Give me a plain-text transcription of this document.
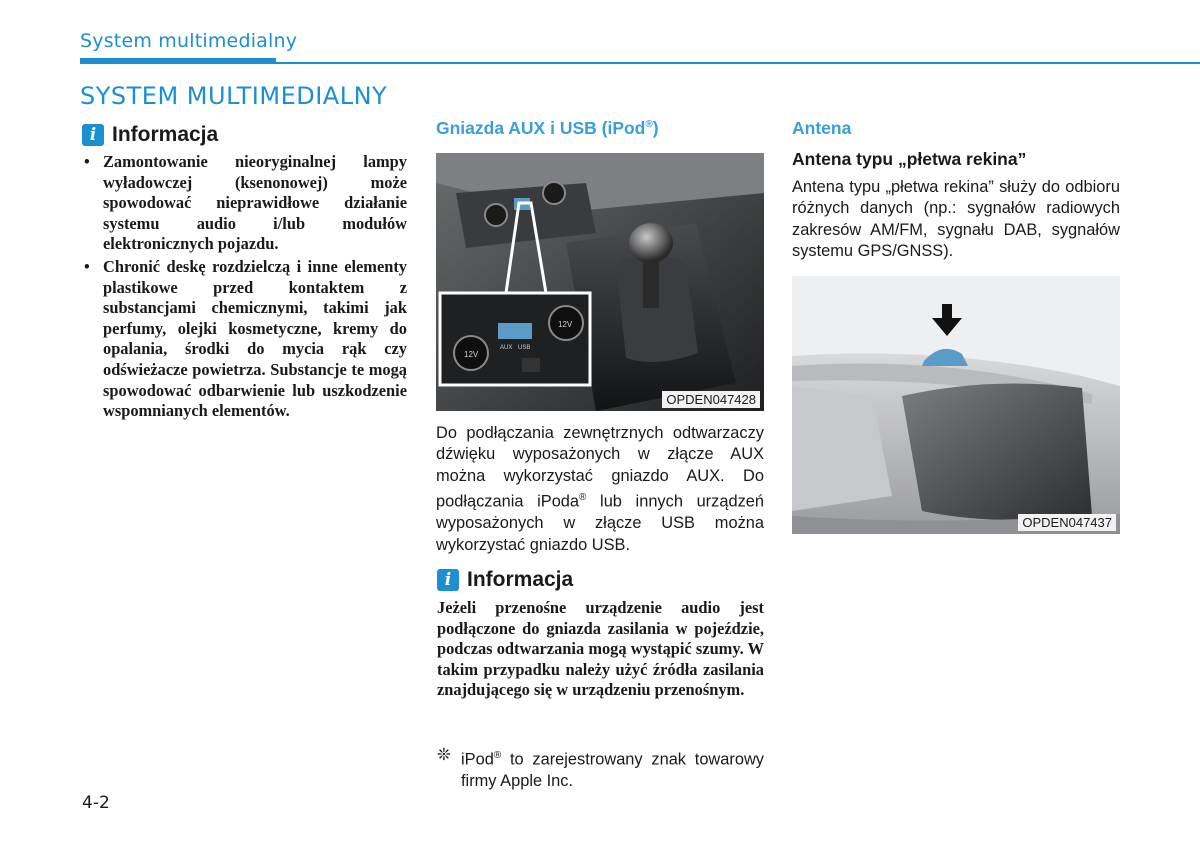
System multimedialny
SYSTEM MULTIMEDIALNY
i Informacja
• Zamontowanie nieoryginalnej lampy wyładowczej (ksenonowej) może spowodować nieprawidłowe działanie systemu audio i/lub modułów elektronicznych pojazdu.
• Chronić deskę rozdzielczą i inne elementy plastikowe przed kontaktem z substancjami chemicznymi, takimi jak perfumy, olejki kosmetyczne, kremy do opalania, środki do mycia rąk czy odświeżacze powietrza. Substancje te mogą spowodować odbarwienie lub uszkodzenie wspomnianych elementów.
Gniazda AUX i USB (iPod®)
12V
12V
AUX USB
OPDEN047428
Do podłączania zewnętrznych odtwarzaczy dźwięku wyposażonych w złącze AUX można wykorzystać gniazdo AUX. Do podłączania iPoda® lub innych urządzeń wyposażonych w złącze USB można wykorzystać gniazdo USB.
i Informacja
Jeżeli przenośne urządzenie audio jest podłączone do gniazda zasilania w pojeździe, podczas odtwarzania mogą wystąpić szumy. W takim przypadku należy użyć źródła zasilania znajdującego się w urządzeniu przenośnym.
❊ iPod® to zarejestrowany znak towarowy firmy Apple Inc.
Antena
Antena typu „płetwa rekina”
Antena typu „płetwa rekina” służy do odbioru różnych danych (np.: sygnałów radiowych zakresów AM/FM, sygnału DAB, sygnałów systemu GPS/GNSS).
OPDEN047437
4-2
